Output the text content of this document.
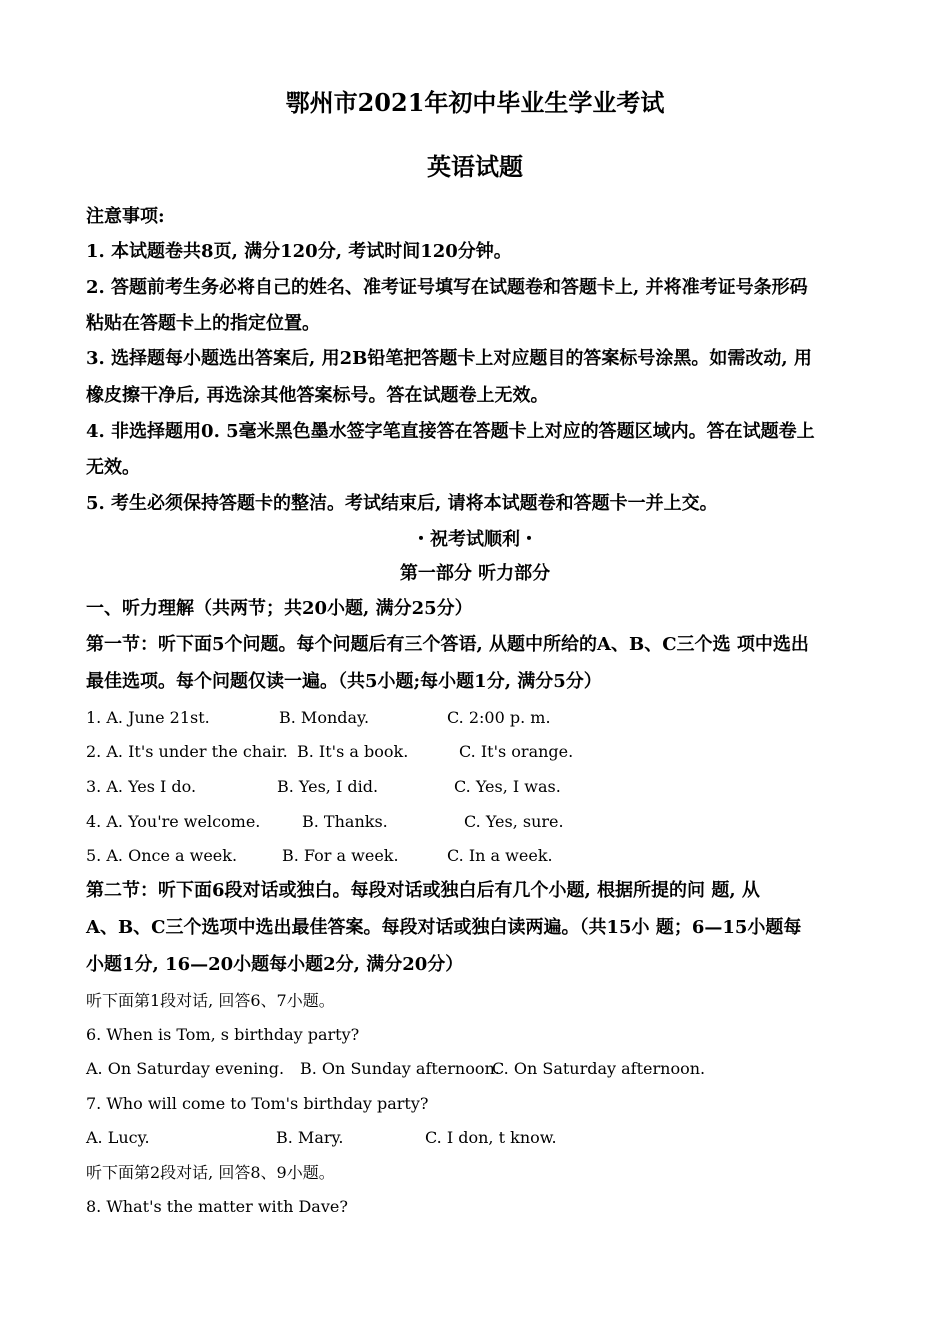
鄂州市2021年初中毕业生学业考试
英语试题
注意事项:
1. 本试题卷共8页, 满分120分, 考试时间120分钟。
2. 答题前考生务必将自己的姓名、准考证号填写在试题卷和答题卡上, 并将准考证号条形码
粘贴在答题卡上的指定位置。
3. 选择题每小题选出答案后, 用2B铅笔把答题卡上对应题目的答案标号涂黑。如需改动, 用
橡皮擦干净后, 再选涂其他答案标号。答在试题卷上无效。
4. 非选择题用0. 5毫米黑色墨水签字笔直接答在答题卡上对应的答题区域内。答在试题卷上
无效。
5. 考生必须保持答题卡的整洁。考试结束后, 请将本试题卷和答题卡一并上交。
・祝考试顺利・
第一部分 听力部分
一、听力理解（共两节；共20小题, 满分25分）
第一节：听下面5个问题。每个问题后有三个答语, 从题中所给的A、B、C三个选 项中选出
最佳选项。每个问题仅读一遍。（共5小题;每小题1分, 满分5分）
1. A. June 21st.	B. Monday.	C. 2:00 p. m.
2. A. It's under the chair. B. It's a book.	C. It's orange.
3. A. Yes I do.	B. Yes, I did.	C. Yes, I was.
4. A. You're welcome.	B. Thanks.	C. Yes, sure.
5. A. Once a week.	B. For a week.	C. In a week.
第二节：听下面6段对话或独白。每段对话或独白后有几个小题, 根据所提的问 题, 从
A、B、C三个选项中选出最佳答案。每段对话或独白读两遍。（共15小 题；6—15小题每
小题1分, 16—20小题每小题2分, 满分20分）
听下面第1段对话, 回答6、7小题。
6. When is Tom, s birthday party?
A. On Saturday evening. B. On Sunday afternoon.
C. On Saturday afternoon.
7. Who will come to Tom's birthday party?
A. Lucy.	B. Mary.	C. I don, t know.
听下面第2段对话, 回答8、9小题。
8. What's the matter with Dave?
